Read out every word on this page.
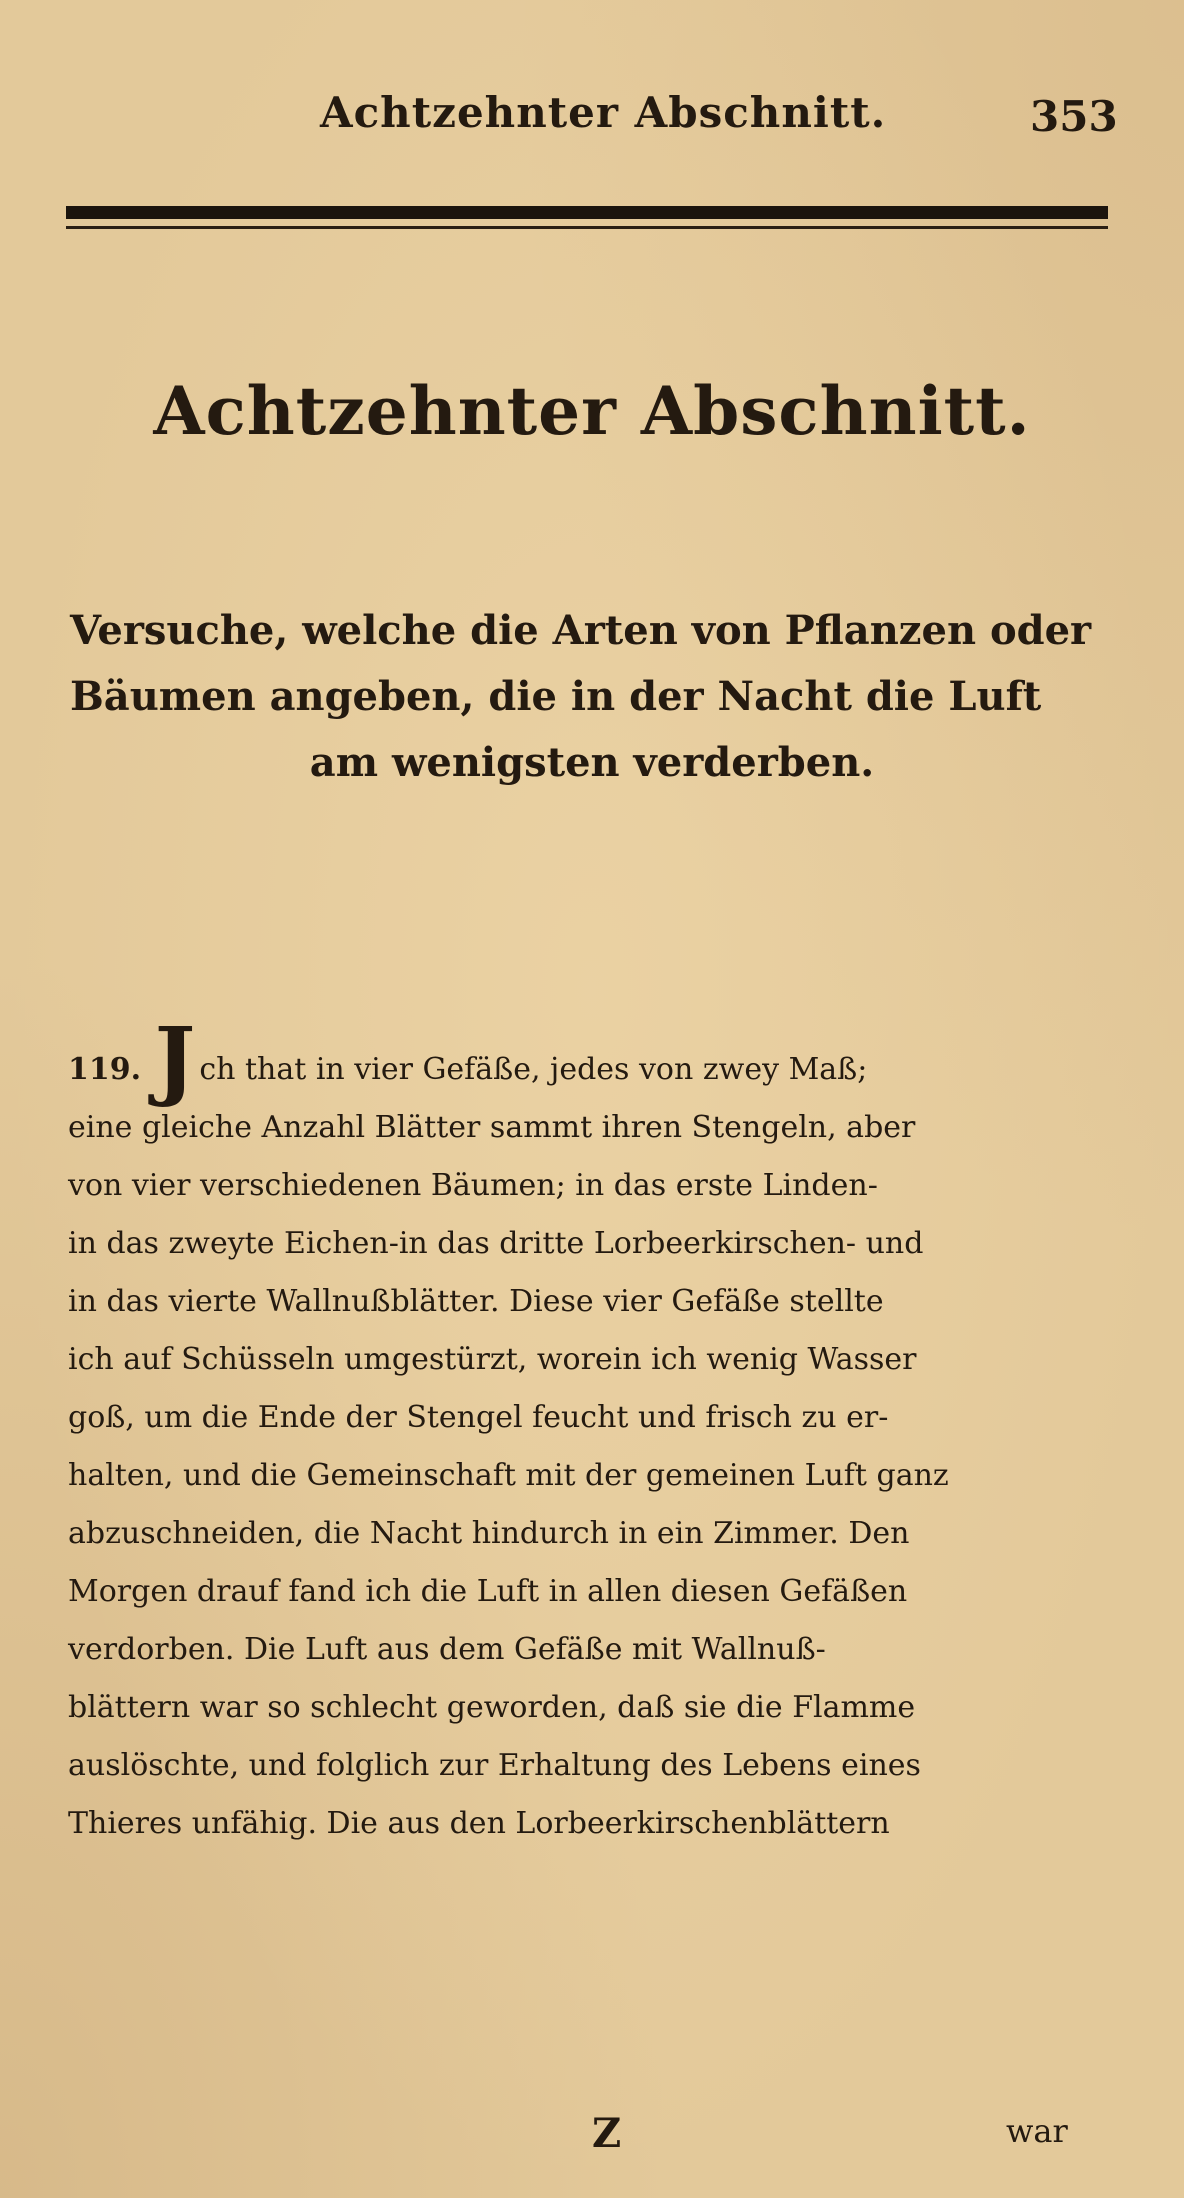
Achtzehnter Abschnitt.	353
Achtzehnter Abschnitt.
Versuche, welche die Arten von Pflanzen oder
Bäumen angeben, die in der Nacht die Luft
am wenigsten verderben.
119. J ch that in vier Gefäße, jedes von zwey Maß;
eine gleiche Anzahl Blätter sammt ihren Stengeln, aber
von vier verschiedenen Bäumen; in das erste Linden-
in das zweyte Eichen-in das dritte Lorbeerkirschen- und
in das vierte Wallnußblätter. Diese vier Gefäße stellte
ich auf Schüsseln umgestürzt, worein ich wenig Wasser
goß, um die Ende der Stengel feucht und frisch zu er-
halten, und die Gemeinschaft mit der gemeinen Luft ganz
abzuschneiden, die Nacht hindurch in ein Zimmer. Den
Morgen drauf fand ich die Luft in allen diesen Gefäßen
verdorben. Die Luft aus dem Gefäße mit Wallnuß-
blättern war so schlecht geworden, daß sie die Flamme
auslöschte, und folglich zur Erhaltung des Lebens eines
Thieres unfähig. Die aus den Lorbeerkirschenblättern
Z	war
